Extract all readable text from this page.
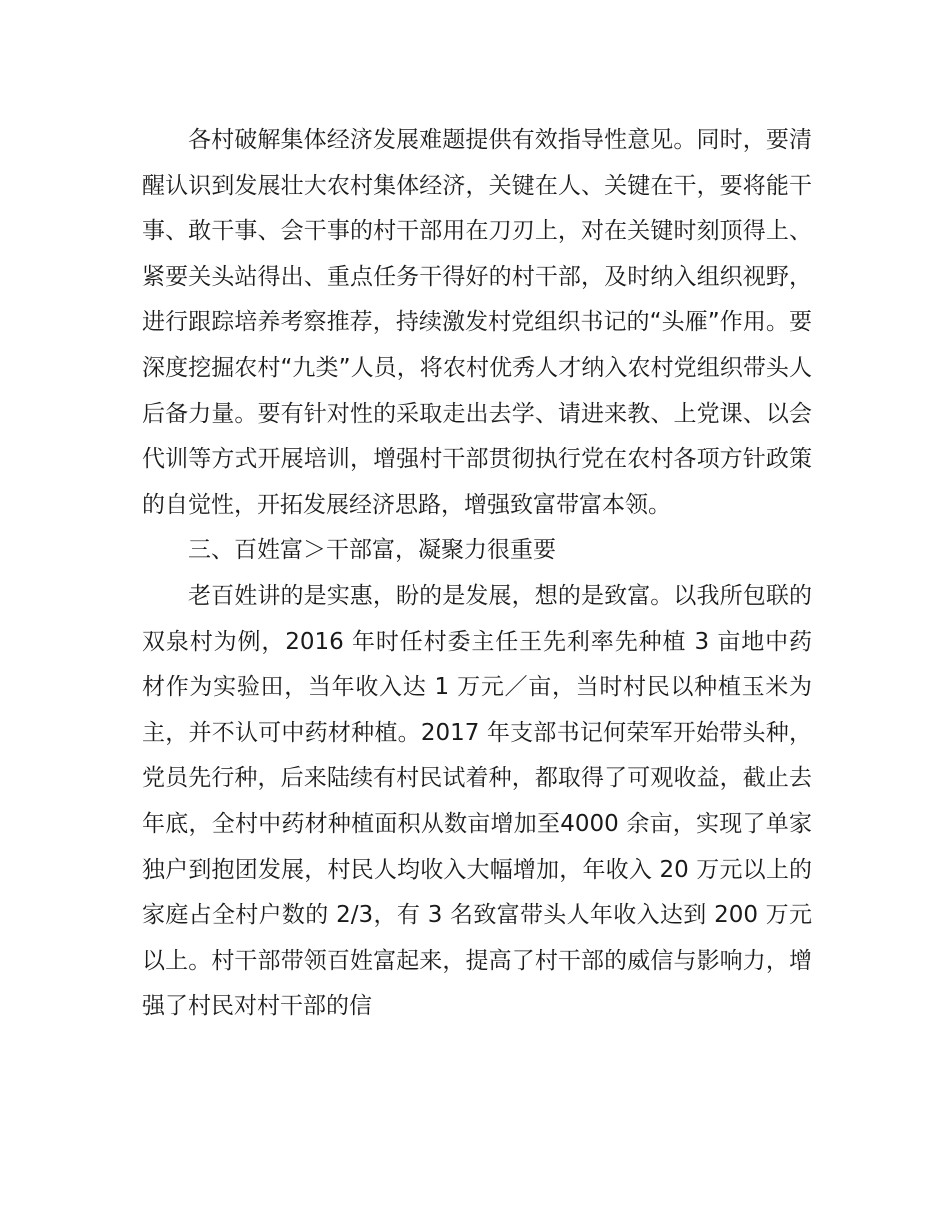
各村破解集体经济发展难题提供有效指导性意见。同时，要清醒认识到发展壮大农村集体经济，关键在人、关键在干，要将能干事、敢干事、会干事的村干部用在刀刃上，对在关键时刻顶得上、紧要关头站得出、重点任务干得好的村干部，及时纳入组织视野，进行跟踪培养考察推荐，持续激发村党组织书记的“头雁”作用。要深度挖掘农村“九类”人员，将农村优秀人才纳入农村党组织带头人后备力量。要有针对性的采取走出去学、请进来教、上党课、以会代训等方式开展培训，增强村干部贯彻执行党在农村各项方针政策的自觉性，开拓发展经济思路，增强致富带富本领。

三、百姓富＞干部富，凝聚力很重要

老百姓讲的是实惠，盼的是发展，想的是致富。以我所包联的双泉村为例，2016 年时任村委主任王先利率先种植 3 亩地中药材作为实验田，当年收入达 1 万元／亩，当时村民以种植玉米为主，并不认可中药材种植。2017 年支部书记何荣军开始带头种，党员先行种，后来陆续有村民试着种，都取得了可观收益，截止去年底，全村中药材种植面积从数亩增加至4000 余亩，实现了单家独户到抱团发展，村民人均收入大幅增加，年收入 20 万元以上的家庭占全村户数的 2/3，有 3 名致富带头人年收入达到 200 万元以上。村干部带领百姓富起来，提高了村干部的威信与影响力，增强了村民对村干部的信
